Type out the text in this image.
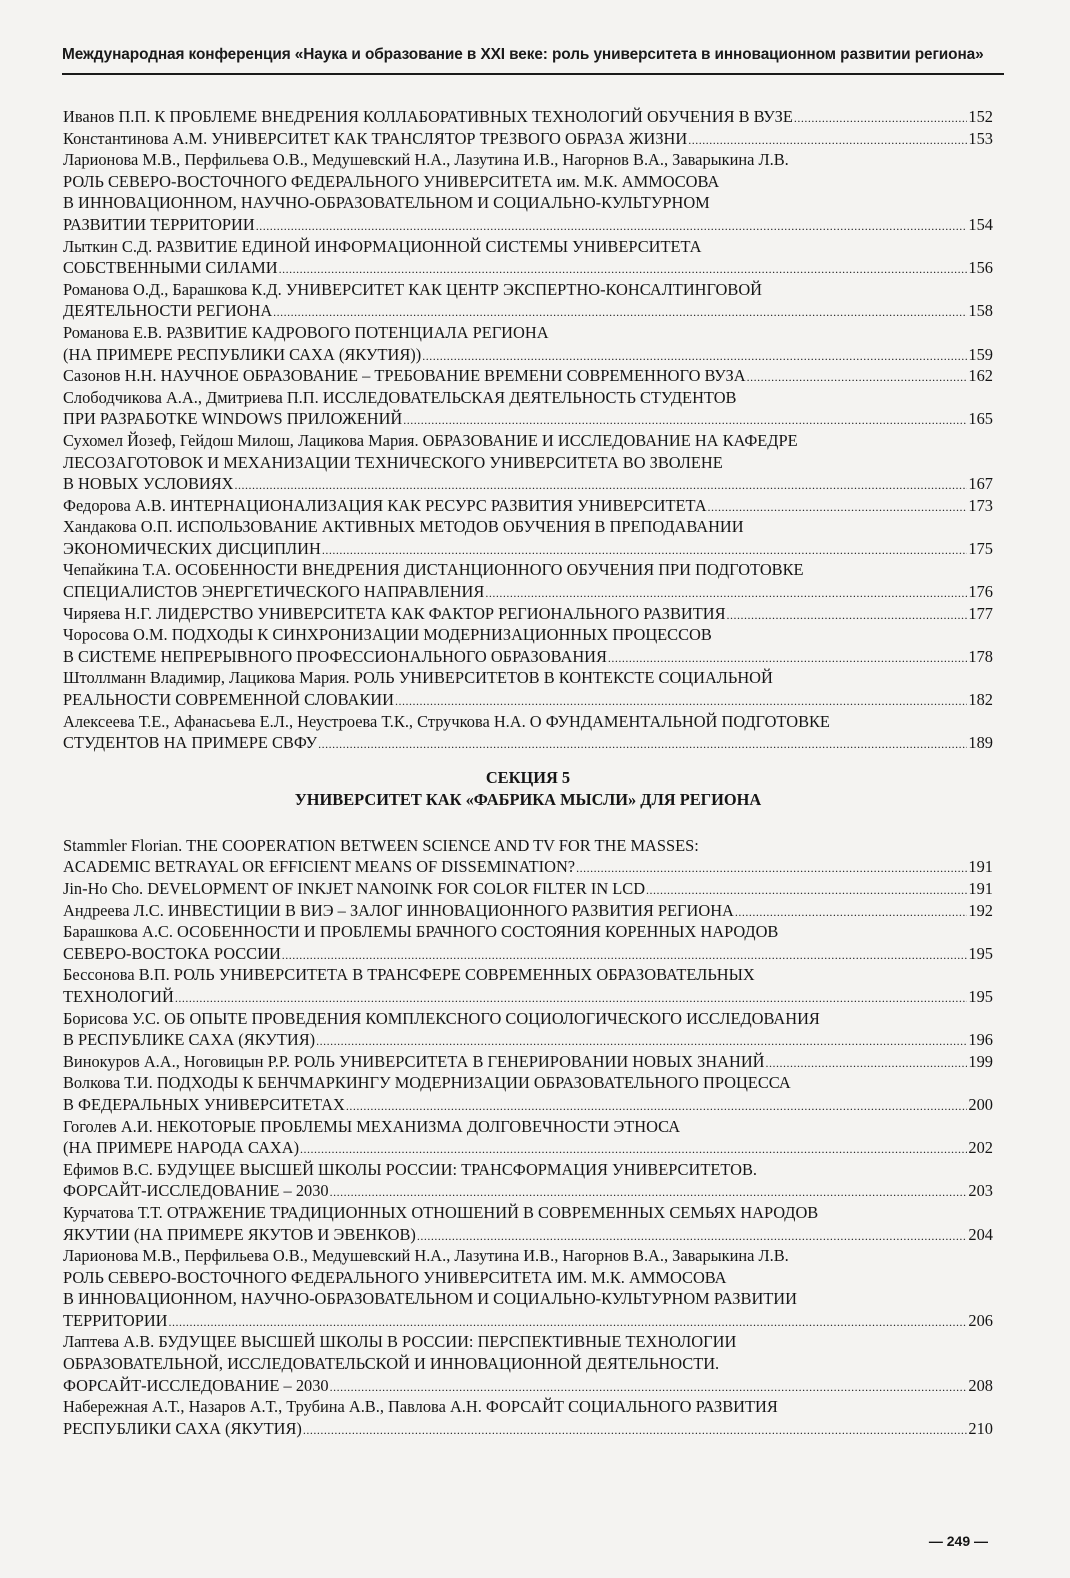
Международная конференция «Наука и образование в XXI веке: роль университета в инновационном развитии региона»
Иванов П.П. К ПРОБЛЕМЕ ВНЕДРЕНИЯ КОЛЛАБОРАТИВНЫХ ТЕХНОЛОГИЙ ОБУЧЕНИЯ В ВУЗЕ .....	152
Константинова А.М. УНИВЕРСИТЕТ КАК ТРАНСЛЯТОР ТРЕЗВОГО ОБРАЗА ЖИЗНИ .....	153
Ларионова М.В., Перфильева О.В., Медушевский Н.А., Лазутина И.В., Нагорнов В.А., Заварыкина Л.В.
РОЛЬ СЕВЕРО-ВОСТОЧНОГО ФЕДЕРАЛЬНОГО УНИВЕРСИТЕТА им. М.К. АММОСОВА
В ИННОВАЦИОННОМ, НАУЧНО-ОБРАЗОВАТЕЛЬНОМ И СОЦИАЛЬНО-КУЛЬТУРНОМ
РАЗВИТИИ ТЕРРИТОРИИ .....	154
Лыткин С.Д. РАЗВИТИЕ ЕДИНОЙ ИНФОРМАЦИОННОЙ СИСТЕМЫ УНИВЕРСИТЕТА
СОБСТВЕННЫМИ СИЛАМИ .....	156
Романова О.Д., Барашкова К.Д. УНИВЕРСИТЕТ КАК ЦЕНТР ЭКСПЕРТНО-КОНСАЛТИНГОВОЙ
ДЕЯТЕЛЬНОСТИ РЕГИОНА .....	158
Романова Е.В. РАЗВИТИЕ КАДРОВОГО ПОТЕНЦИАЛА РЕГИОНА
(НА ПРИМЕРЕ РЕСПУБЛИКИ САХА (ЯКУТИЯ)) .....	159
Сазонов Н.Н. НАУЧНОЕ ОБРАЗОВАНИЕ – ТРЕБОВАНИЕ ВРЕМЕНИ СОВРЕМЕННОГО ВУЗА .....	162
Слободчикова А.А., Дмитриева П.П. ИССЛЕДОВАТЕЛЬСКАЯ ДЕЯТЕЛЬНОСТЬ СТУДЕНТОВ
ПРИ РАЗРАБОТКЕ WINDOWS ПРИЛОЖЕНИЙ .....	165
Сухомел Йозеф, Гейдош Милош, Лацикова Мария. ОБРАЗОВАНИЕ И ИССЛЕДОВАНИЕ НА КАФЕДРЕ
ЛЕСОЗАГОТОВОК И МЕХАНИЗАЦИИ ТЕХНИЧЕСКОГО УНИВЕРСИТЕТА ВО ЗВОЛЕНЕ
В НОВЫХ УСЛОВИЯХ .....	167
Федорова А.В. ИНТЕРНАЦИОНАЛИЗАЦИЯ КАК РЕСУРС РАЗВИТИЯ УНИВЕРСИТЕТА .....	173
Хандакова О.П. ИСПОЛЬЗОВАНИЕ АКТИВНЫХ МЕТОДОВ ОБУЧЕНИЯ В ПРЕПОДАВАНИИ
ЭКОНОМИЧЕСКИХ ДИСЦИПЛИН .....	175
Чепайкина Т.А. ОСОБЕННОСТИ ВНЕДРЕНИЯ ДИСТАНЦИОННОГО ОБУЧЕНИЯ ПРИ ПОДГОТОВКЕ
СПЕЦИАЛИСТОВ ЭНЕРГЕТИЧЕСКОГО НАПРАВЛЕНИЯ .....	176
Чиряева Н.Г. ЛИДЕРСТВО УНИВЕРСИТЕТА КАК ФАКТОР РЕГИОНАЛЬНОГО РАЗВИТИЯ .....	177
Чоросова О.М. ПОДХОДЫ К СИНХРОНИЗАЦИИ МОДЕРНИЗАЦИОННЫХ ПРОЦЕССОВ
В СИСТЕМЕ НЕПРЕРЫВНОГО ПРОФЕССИОНАЛЬНОГО ОБРАЗОВАНИЯ .....	178
Штоллманн Владимир, Лацикова Мария. РОЛЬ УНИВЕРСИТЕТОВ В КОНТЕКСТЕ СОЦИАЛЬНОЙ
РЕАЛЬНОСТИ СОВРЕМЕННОЙ СЛОВАКИИ .....	182
Алексеева Т.Е., Афанасьева Е.Л., Неустроева Т.К., Стручкова Н.А. О ФУНДАМЕНТАЛЬНОЙ ПОДГОТОВКЕ
СТУДЕНТОВ НА ПРИМЕРЕ СВФУ .....	189
СЕКЦИЯ 5
УНИВЕРСИТЕТ КАК «ФАБРИКА МЫСЛИ» ДЛЯ РЕГИОНА
Stammler Florian. THE COOPERATION BETWEEN SCIENCE AND TV FOR THE MASSES:
ACADEMIC BETRAYAL OR EFFICIENT MEANS OF DISSEMINATION? .....	191
Jin-Ho Cho. DEVELOPMENT OF INKJET NANOINK FOR COLOR FILTER IN LCD .....	191
Андреева Л.С. ИНВЕСТИЦИИ В ВИЭ – ЗАЛОГ ИННОВАЦИОННОГО РАЗВИТИЯ РЕГИОНА .....	192
Барашкова А.С. ОСОБЕННОСТИ И ПРОБЛЕМЫ БРАЧНОГО СОСТОЯНИЯ КОРЕННЫХ НАРОДОВ
СЕВЕРО-ВОСТОКА РОССИИ .....	195
Бессонова В.П. РОЛЬ УНИВЕРСИТЕТА В ТРАНСФЕРЕ СОВРЕМЕННЫХ ОБРАЗОВАТЕЛЬНЫХ
ТЕХНОЛОГИЙ .....	195
Борисова У.С. ОБ ОПЫТЕ ПРОВЕДЕНИЯ КОМПЛЕКСНОГО СОЦИОЛОГИЧЕСКОГО ИССЛЕДОВАНИЯ
В РЕСПУБЛИКЕ САХА (ЯКУТИЯ) .....	196
Винокуров А.А., Ноговицын Р.Р. РОЛЬ УНИВЕРСИТЕТА В ГЕНЕРИРОВАНИИ НОВЫХ ЗНАНИЙ .....	199
Волкова Т.И. ПОДХОДЫ К БЕНЧМАРКИНГУ МОДЕРНИЗАЦИИ ОБРАЗОВАТЕЛЬНОГО ПРОЦЕССА
В ФЕДЕРАЛЬНЫХ УНИВЕРСИТЕТАХ .....	200
Гоголев А.И. НЕКОТОРЫЕ ПРОБЛЕМЫ МЕХАНИЗМА ДОЛГОВЕЧНОСТИ ЭТНОСА
(НА ПРИМЕРЕ НАРОДА САХА) .....	202
Ефимов В.С. БУДУЩЕЕ ВЫСШЕЙ ШКОЛЫ РОССИИ: ТРАНСФОРМАЦИЯ УНИВЕРСИТЕТОВ.
ФОРСАЙТ-ИССЛЕДОВАНИЕ – 2030 .....	203
Курчатова Т.Т. ОТРАЖЕНИЕ ТРАДИЦИОННЫХ ОТНОШЕНИЙ В СОВРЕМЕННЫХ СЕМЬЯХ НАРОДОВ
ЯКУТИИ (НА ПРИМЕРЕ ЯКУТОВ И ЭВЕНКОВ) .....	204
Ларионова М.В., Перфильева О.В., Медушевский Н.А., Лазутина И.В., Нагорнов В.А., Заварыкина Л.В.
РОЛЬ СЕВЕРО-ВОСТОЧНОГО ФЕДЕРАЛЬНОГО УНИВЕРСИТЕТА ИМ. М.К. АММОСОВА
В ИННОВАЦИОННОМ, НАУЧНО-ОБРАЗОВАТЕЛЬНОМ И СОЦИАЛЬНО-КУЛЬТУРНОМ РАЗВИТИИ
ТЕРРИТОРИИ .....	206
Лаптева А.В. БУДУЩЕЕ ВЫСШЕЙ ШКОЛЫ В РОССИИ: ПЕРСПЕКТИВНЫЕ ТЕХНОЛОГИИ
ОБРАЗОВАТЕЛЬНОЙ, ИССЛЕДОВАТЕЛЬСКОЙ И ИННОВАЦИОННОЙ ДЕЯТЕЛЬНОСТИ.
ФОРСАЙТ-ИССЛЕДОВАНИЕ – 2030 .....	208
Набережная А.Т., Назаров А.Т., Трубина А.В., Павлова А.Н. ФОРСАЙТ СОЦИАЛЬНОГО РАЗВИТИЯ
РЕСПУБЛИКИ САХА (ЯКУТИЯ) .....	210
— 249 —
